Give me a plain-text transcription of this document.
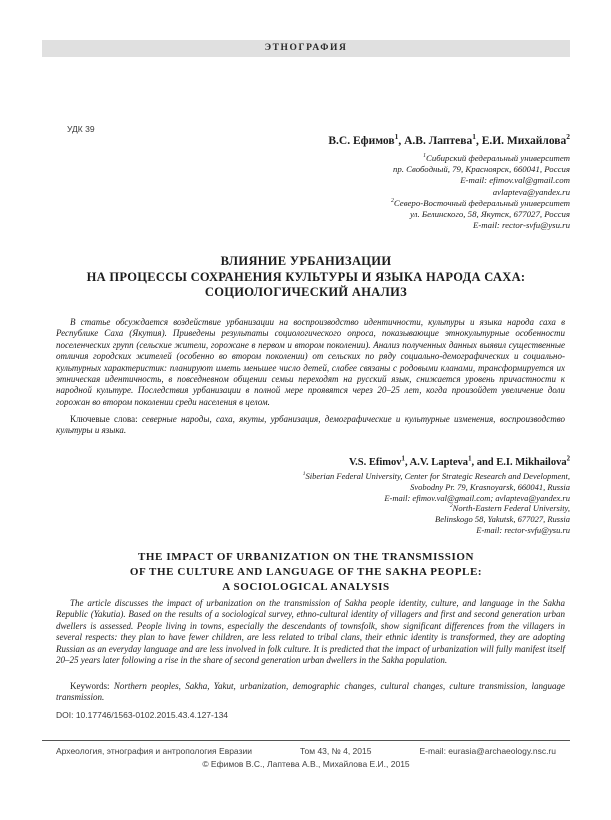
ЭТНОГРАФИЯ
УДК 39
В.С. Ефимов$^1$, А.В. Лаптева$^1$, Е.И. Михайлова$^2$
$^1$Сибирский федеральный университет
пр. Свободный, 79, Красноярск, 660041, Россия
E-mail: efimov.val@gmail.com
avlapteva@yandex.ru
$^2$Северо-Восточный федеральный университет
ул. Белинского, 58, Якутск, 677027, Россия
E-mail: rector-svfu@ysu.ru
ВЛИЯНИЕ УРБАНИЗАЦИИ
НА ПРОЦЕССЫ СОХРАНЕНИЯ КУЛЬТУРЫ И ЯЗЫКА НАРОДА САХА:
СОЦИОЛОГИЧЕСКИЙ АНАЛИЗ
В статье обсуждается воздействие урбанизации на воспроизводство идентичности, культуры и языка народа саха в Республике Саха (Якутия). Приведены результаты социологического опроса, показывающие этнокультурные особенности поселенческих групп (сельские жители, горожане в первом и втором поколении). Анализ полученных данных выявил существенные отличия городских жителей (особенно во втором поколении) от сельских по ряду социально-демографических и социально-культурных характеристик: планируют иметь меньшее число детей, слабее связаны с родовыми кланами, трансформируется их этническая идентичность, в повседневном общении семьи переходят на русский язык, снижается уровень причастности к народной культуре. Последствия урбанизации в полной мере проявятся через 20–25 лет, когда произойдет увеличение доли горожан во втором поколении среди населения в целом.
Ключевые слова: северные народы, саха, якуты, урбанизация, демографические и культурные изменения, воспроизводство культуры и языка.
V.S. Efimov$^1$, A.V. Lapteva$^1$, and E.I. Mikhailova$^2$
$^1$Siberian Federal University, Center for Strategic Research and Development,
Svobodny Pr. 79, Krasnoyarsk, 660041, Russia
E-mail: efimov.val@gmail.com; avlapteva@yandex.ru
$^2$North-Eastern Federal University,
Belinskogo 58, Yakutsk, 677027, Russia
E-mail: rector-svfu@ysu.ru
THE IMPACT OF URBANIZATION ON THE TRANSMISSION
OF THE CULTURE AND LANGUAGE OF THE SAKHA PEOPLE:
A SOCIOLOGICAL ANALYSIS
The article discusses the impact of urbanization on the transmission of Sakha people identity, culture, and language in the Sakha Republic (Yakutia). Based on the results of a sociological survey, ethno-cultural identity of villagers and first and second generation urban dwellers is assessed. People living in towns, especially the descendants of townsfolk, show significant differences from the villagers in several respects: they plan to have fewer children, are less related to tribal clans, their ethnic identity is transformed, they are adopting Russian as an everyday language and are less involved in folk culture. It is predicted that the impact of urbanization will fully manifest itself 20–25 years later following a rise in the share of second generation urban dwellers in the Sakha population.
Keywords: Northern peoples, Sakha, Yakut, urbanization, demographic changes, cultural changes, culture transmission, language transmission.
DOI: 10.17746/1563-0102.2015.43.4.127-134
Археология, этнография и антропология Евразии	Том 43, № 4, 2015	E-mail: eurasia@archaeology.nsc.ru
© Ефимов В.С., Лаптева А.В., Михайлова Е.И., 2015
